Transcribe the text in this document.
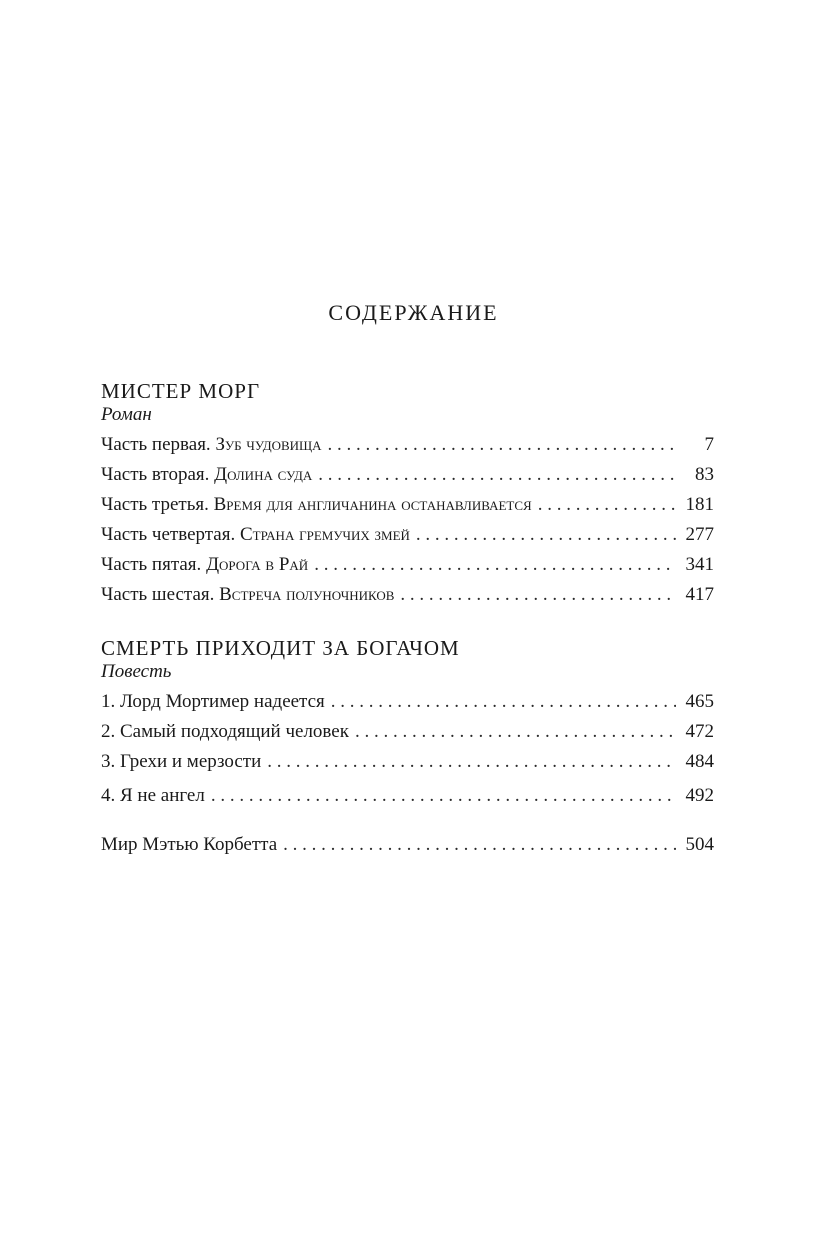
содержание
МИСТЕР МОРГ
Роман
Часть первая. Зуб чудовища . . .	7
Часть вторая. Долина суда . . .	83
Часть третья. Время для англичанина останавливается . . .	181
Часть четвертая. Страна гремучих змей . . .	277
Часть пятая. Дорога в Рай . . .	341
Часть шестая. Встреча полуночников . . .	417
СМЕРТЬ ПРИХОДИТ ЗА БОГАЧОМ
Повесть
1. Лорд Мортимер надеется . . .	465
2. Самый подходящий человек . . .	472
3. Грехи и мерзости . . .	484
4. Я не ангел . . .	492
Мир Мэтью Корбетта . . .	504
